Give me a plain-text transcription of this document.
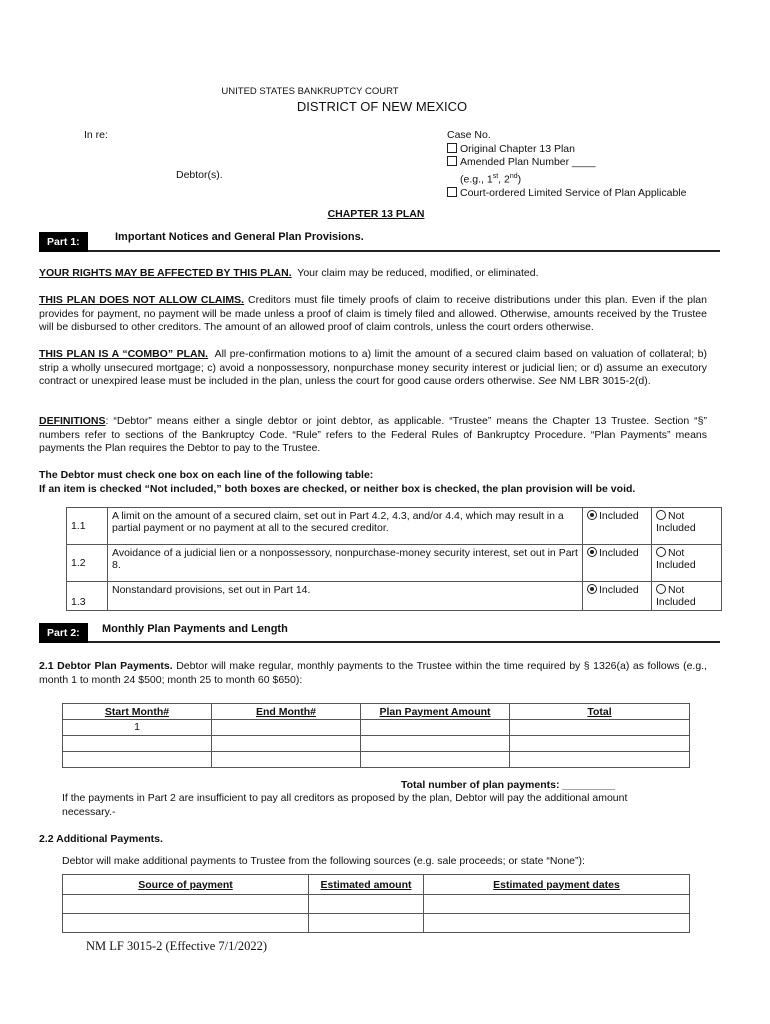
UNITED STATES BANKRUPTCY COURT
DISTRICT OF NEW MEXICO
In re:
Debtor(s).
Case No.
Original Chapter 13 Plan
Amended Plan Number ____
(e.g., 1st, 2nd)
Court-ordered Limited Service of Plan Applicable
CHAPTER 13 PLAN
Part 1:	Important Notices and General Plan Provisions.
YOUR RIGHTS MAY BE AFFECTED BY THIS PLAN. Your claim may be reduced, modified, or eliminated.
THIS PLAN DOES NOT ALLOW CLAIMS. Creditors must file timely proofs of claim to receive distributions under this plan. Even if the plan provides for payment, no payment will be made unless a proof of claim is timely filed and allowed. Otherwise, amounts received by the Trustee will be disbursed to other creditors. The amount of an allowed proof of claim controls, unless the court orders otherwise.
THIS PLAN IS A “COMBO” PLAN. All pre-confirmation motions to a) limit the amount of a secured claim based on valuation of collateral; b) strip a wholly unsecured mortgage; c) avoid a nonpossessory, nonpurchase money security interest or judicial lien; or d) assume an executory contract or unexpired lease must be included in the plan, unless the court for good cause orders otherwise. See NM LBR 3015-2(d).
DEFINITIONS: “Debtor” means either a single debtor or joint debtor, as applicable. “Trustee” means the Chapter 13 Trustee. Section “§” numbers refer to sections of the Bankruptcy Code. “Rule” refers to the Federal Rules of Bankruptcy Procedure. “Plan Payments” means payments the Plan requires the Debtor to pay to the Trustee.
The Debtor must check one box on each line of the following table:
If an item is checked “Not included,” both boxes are checked, or neither box is checked, the plan provision will be void.
1.1	A limit on the amount of a secured claim, set out in Part 4.2, 4.3, and/or 4.4, which may result in a partial payment or no payment at all to the secured creditor.	Included	Not Included
1.2	Avoidance of a judicial lien or a nonpossessory, nonpurchase-money security interest, set out in Part 8.	Included	Not Included
1.3	Nonstandard provisions, set out in Part 14.	Included	Not Included
Part 2:	Monthly Plan Payments and Length
2.1 Debtor Plan Payments. Debtor will make regular, monthly payments to the Trustee within the time required by § 1326(a) as follows (e.g., month 1 to month 24 $500; month 25 to month 60 $650):
Start Month#	End Month#	Plan Payment Amount	Total
1			

Total number of plan payments: _________
If the payments in Part 2 are insufficient to pay all creditors as proposed by the plan, Debtor will pay the additional amount necessary.-
2.2 Additional Payments.
Debtor will make additional payments to Trustee from the following sources (e.g. sale proceeds; or state “None”):
Source of payment	Estimated amount	Estimated payment dates

NM LF 3015-2 (Effective 7/1/2022)
